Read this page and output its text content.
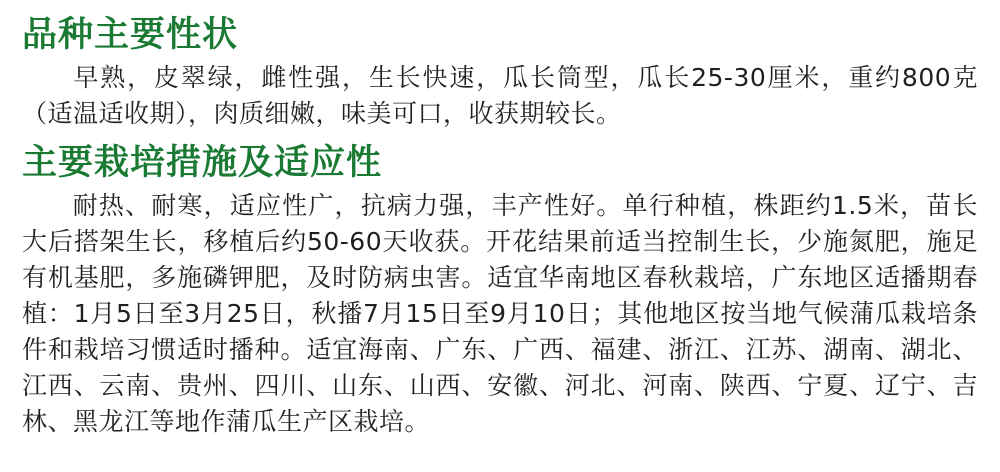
品种主要性状

早熟，皮翠绿，雌性强，生长快速，瓜长筒型，瓜长25-30厘米，重约800克（适温适收期），肉质细嫩，味美可口，收获期较长。

主要栽培措施及适应性

耐热、耐寒，适应性广，抗病力强，丰产性好。单行种植，株距约1.5米，苗长大后搭架生长，移植后约50-60天收获。开花结果前适当控制生长，少施氮肥，施足有机基肥，多施磷钾肥，及时防病虫害。适宜华南地区春秋栽培，广东地区适播期春植：1月5日至3月25日，秋播7月15日至9月10日；其他地区按当地气候蒲瓜栽培条件和栽培习惯适时播种。适宜海南、广东、广西、福建、浙江、江苏、湖南、湖北、江西、云南、贵州、四川、山东、山西、安徽、河北、河南、陕西、宁夏、辽宁、吉林、黑龙江等地作蒲瓜生产区栽培。
